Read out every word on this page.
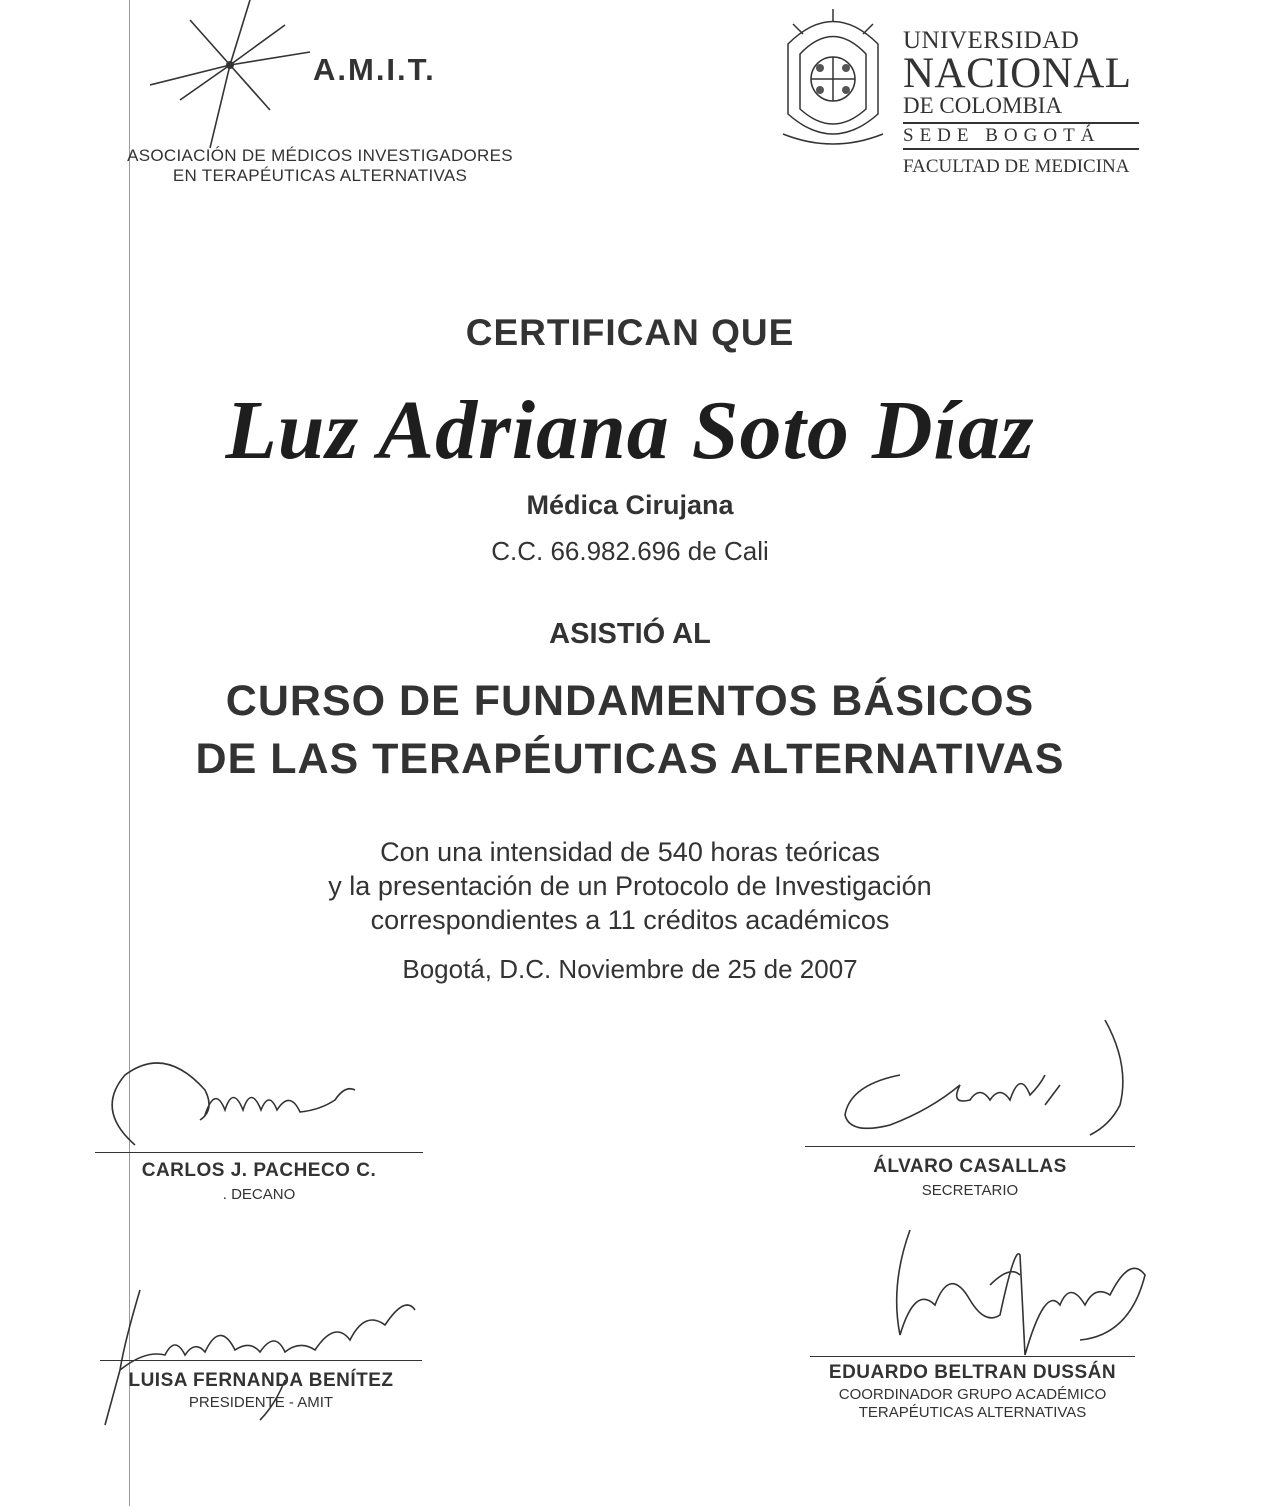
A.M.I.T.
ASOCIACIÓN DE MÉDICOS INVESTIGADORES
EN TERAPÉUTICAS ALTERNATIVAS
UNIVERSIDAD
NACIONAL
DE COLOMBIA
SEDE BOGOTÁ
FACULTAD DE MEDICINA
CERTIFICAN QUE
Luz Adriana Soto Díaz
Médica Cirujana
C.C. 66.982.696 de Cali
ASISTIÓ AL
CURSO DE FUNDAMENTOS BÁSICOS
DE LAS TERAPÉUTICAS ALTERNATIVAS
Con una intensidad de 540 horas teóricas
y la presentación de un Protocolo de Investigación
correspondientes a 11 créditos académicos
Bogotá, D.C. Noviembre de 25 de 2007
CARLOS J. PACHECO C.
. DECANO
ÁLVARO CASALLAS
SECRETARIO
LUISA FERNANDA BENÍTEZ
PRESIDENTE - AMIT
EDUARDO BELTRAN DUSSÁN
COORDINADOR GRUPO ACADÉMICO
TERAPÉUTICAS ALTERNATIVAS
